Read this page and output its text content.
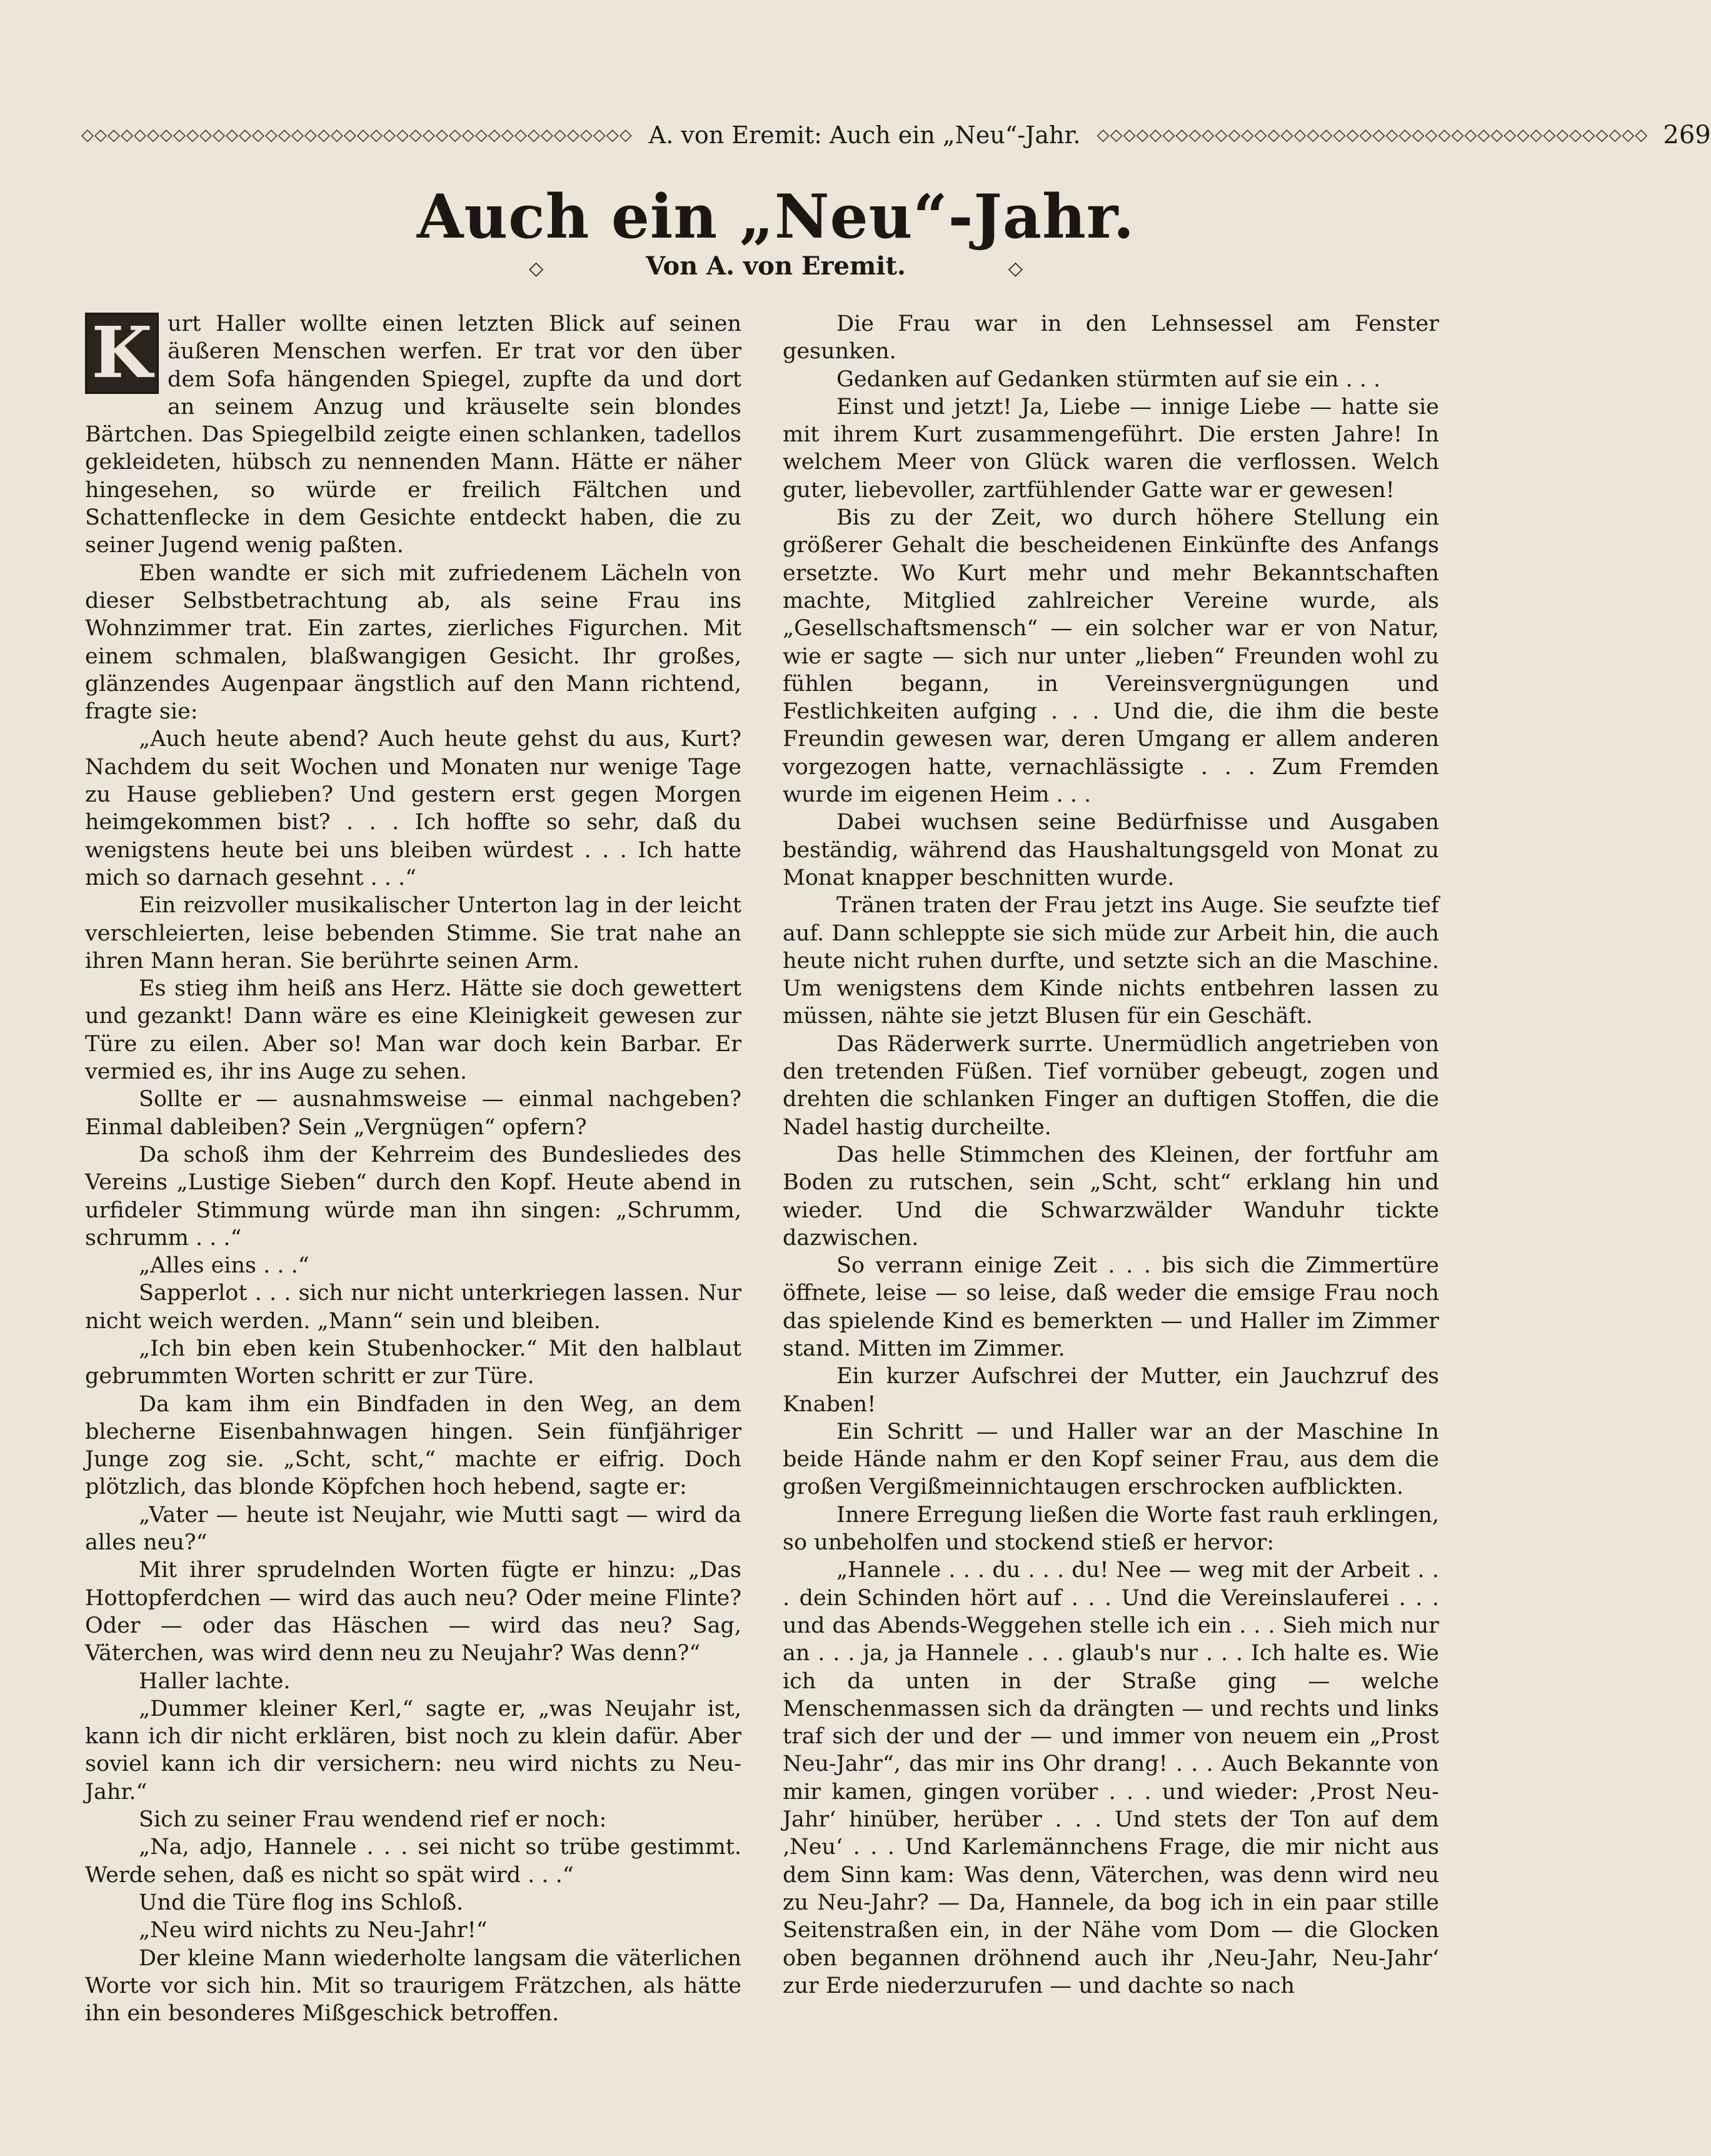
◇◇◇◇◇◇◇◇◇◇◇◇◇◇◇◇◇◇◇◇◇◇◇◇◇◇◇◇◇◇◇◇◇◇◇◇◇◇◇◇◇◇ A. von Eremit: Auch ein „Neu“-Jahr. ◇◇◇◇◇◇◇◇◇◇◇◇◇◇◇◇◇◇◇◇◇◇◇◇◇◇◇◇◇◇◇◇◇◇◇◇◇◇◇◇◇◇ 269
Auch ein „Neu“-Jahr.
◇	Von A. von Eremit.	◇

K urt Haller wollte einen letzten Blick auf seinen äußeren Menschen werfen. Er trat vor den über dem Sofa hängenden Spiegel, zupfte da und dort an seinem Anzug und kräuselte sein blondes Bärtchen. Das Spiegelbild zeigte einen schlanken, tadellos gekleideten, hübsch zu nennenden Mann. Hätte er näher hingesehen, so würde er freilich Fältchen und Schattenflecke in dem Gesichte entdeckt haben, die zu seiner Jugend wenig paßten.

Eben wandte er sich mit zufriedenem Lächeln von dieser Selbstbetrachtung ab, als seine Frau ins Wohnzimmer trat. Ein zartes, zierliches Figurchen. Mit einem schmalen, blaßwangigen Gesicht. Ihr großes, glänzendes Augenpaar ängstlich auf den Mann richtend, fragte sie:

„Auch heute abend? Auch heute gehst du aus, Kurt? Nachdem du seit Wochen und Monaten nur wenige Tage zu Hause geblieben? Und gestern erst gegen Morgen heimgekommen bist? . . . Ich hoffte so sehr, daß du wenigstens heute bei uns bleiben würdest . . . Ich hatte mich so darnach gesehnt . . .“

Ein reizvoller musikalischer Unterton lag in der leicht verschleierten, leise bebenden Stimme. Sie trat nahe an ihren Mann heran. Sie berührte seinen Arm.

Es stieg ihm heiß ans Herz. Hätte sie doch gewettert und gezankt! Dann wäre es eine Kleinigkeit gewesen zur Türe zu eilen. Aber so! Man war doch kein Barbar. Er vermied es, ihr ins Auge zu sehen.

Sollte er — ausnahmsweise — einmal nachgeben? Einmal dableiben? Sein „Vergnügen“ opfern?

Da schoß ihm der Kehrreim des Bundesliedes des Vereins „Lustige Sieben“ durch den Kopf. Heute abend in urfideler Stimmung würde man ihn singen: „Schrumm, schrumm . . .“

„Alles eins . . .“

Sapperlot . . . sich nur nicht unterkriegen lassen. Nur nicht weich werden. „Mann“ sein und bleiben.

„Ich bin eben kein Stubenhocker.“ Mit den halblaut gebrummten Worten schritt er zur Türe.

Da kam ihm ein Bindfaden in den Weg, an dem blecherne Eisenbahnwagen hingen. Sein fünfjähriger Junge zog sie. „Scht, scht,“ machte er eifrig. Doch plötzlich, das blonde Köpfchen hoch hebend, sagte er:

„Vater — heute ist Neujahr, wie Mutti sagt — wird da alles neu?“

Mit ihrer sprudelnden Worten fügte er hinzu: „Das Hottopferdchen — wird das auch neu? Oder meine Flinte? Oder — oder das Häschen — wird das neu? Sag, Väterchen, was wird denn neu zu Neujahr? Was denn?“

Haller lachte.

„Dummer kleiner Kerl,“ sagte er, „was Neujahr ist, kann ich dir nicht erklären, bist noch zu klein dafür. Aber soviel kann ich dir versichern: neu wird nichts zu Neu-Jahr.“

Sich zu seiner Frau wendend rief er noch:

„Na, adjo, Hannele . . . sei nicht so trübe gestimmt. Werde sehen, daß es nicht so spät wird . . .“

Und die Türe flog ins Schloß.

„Neu wird nichts zu Neu-Jahr!“

Der kleine Mann wiederholte langsam die väterlichen Worte vor sich hin. Mit so traurigem Frätzchen, als hätte ihn ein besonderes Mißgeschick betroffen.

Die Frau war in den Lehnsessel am Fenster gesunken.

Gedanken auf Gedanken stürmten auf sie ein . . .

Einst und jetzt! Ja, Liebe — innige Liebe — hatte sie mit ihrem Kurt zusammengeführt. Die ersten Jahre! In welchem Meer von Glück waren die verflossen. Welch guter, liebevoller, zartfühlender Gatte war er gewesen!

Bis zu der Zeit, wo durch höhere Stellung ein größerer Gehalt die bescheidenen Einkünfte des Anfangs ersetzte. Wo Kurt mehr und mehr Bekanntschaften machte, Mitglied zahlreicher Vereine wurde, als „Gesellschaftsmensch“ — ein solcher war er von Natur, wie er sagte — sich nur unter „lieben“ Freunden wohl zu fühlen begann, in Vereinsvergnügungen und Festlichkeiten aufging . . . Und die, die ihm die beste Freundin gewesen war, deren Umgang er allem anderen vorgezogen hatte, vernachlässigte . . . Zum Fremden wurde im eigenen Heim . . .

Dabei wuchsen seine Bedürfnisse und Ausgaben beständig, während das Haushaltungsgeld von Monat zu Monat knapper beschnitten wurde.

Tränen traten der Frau jetzt ins Auge. Sie seufzte tief auf. Dann schleppte sie sich müde zur Arbeit hin, die auch heute nicht ruhen durfte, und setzte sich an die Maschine. Um wenigstens dem Kinde nichts entbehren lassen zu müssen, nähte sie jetzt Blusen für ein Geschäft.

Das Räderwerk surrte. Unermüdlich angetrieben von den tretenden Füßen. Tief vornüber gebeugt, zogen und drehten die schlanken Finger an duftigen Stoffen, die die Nadel hastig durcheilte.

Das helle Stimmchen des Kleinen, der fortfuhr am Boden zu rutschen, sein „Scht, scht“ erklang hin und wieder. Und die Schwarzwälder Wanduhr tickte dazwischen.

So verrann einige Zeit . . . bis sich die Zimmertüre öffnete, leise — so leise, daß weder die emsige Frau noch das spielende Kind es bemerkten — und Haller im Zimmer stand. Mitten im Zimmer.

Ein kurzer Aufschrei der Mutter, ein Jauchzruf des Knaben!

Ein Schritt — und Haller war an der Maschine In beide Hände nahm er den Kopf seiner Frau, aus dem die großen Vergißmeinnichtaugen erschrocken aufblickten.

Innere Erregung ließen die Worte fast rauh erklingen, so unbeholfen und stockend stieß er hervor:

„Hannele . . . du . . . du! Nee — weg mit der Arbeit . . . dein Schinden hört auf . . . Und die Vereinslauferei . . . und das Abends-Weggehen stelle ich ein . . . Sieh mich nur an . . . ja, ja Hannele . . . glaub's nur . . . Ich halte es. Wie ich da unten in der Straße ging — welche Menschenmassen sich da drängten — und rechts und links traf sich der und der — und immer von neuem ein „Prost Neu-Jahr“, das mir ins Ohr drang! . . . Auch Bekannte von mir kamen, gingen vorüber . . . und wieder: ‚Prost Neu-Jahr‘ hinüber, herüber . . . Und stets der Ton auf dem ‚Neu‘ . . . Und Karlemännchens Frage, die mir nicht aus dem Sinn kam: Was denn, Väterchen, was denn wird neu zu Neu-Jahr? — Da, Hannele, da bog ich in ein paar stille Seitenstraßen ein, in der Nähe vom Dom — die Glocken oben begannen dröhnend auch ihr ‚Neu-Jahr, Neu-Jahr‘ zur Erde niederzurufen — und dachte so nach
